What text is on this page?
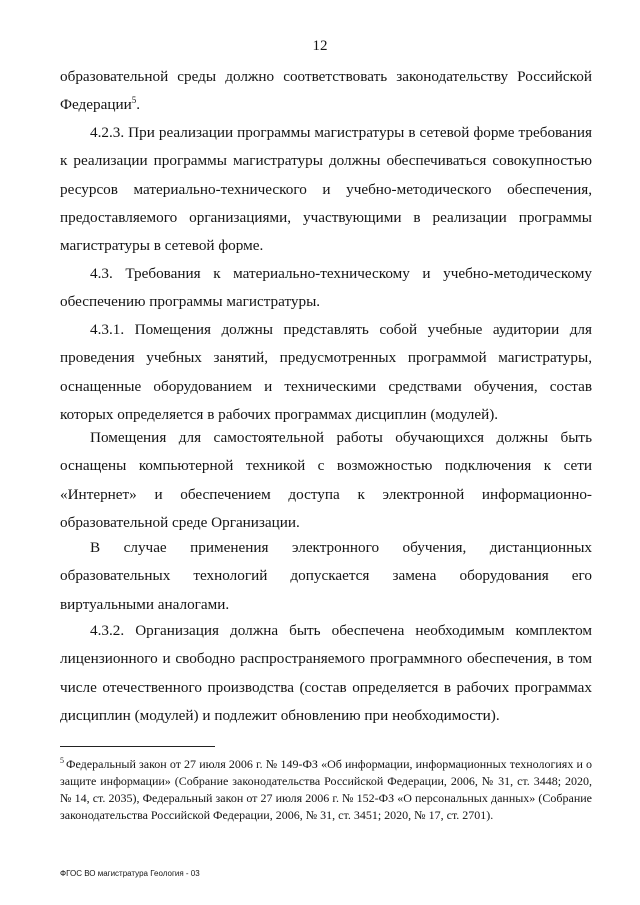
12

образовательной среды должно соответствовать законодательству Российской Федерации$^5$.

4.2.3. При реализации программы магистратуры в сетевой форме требования к реализации программы магистратуры должны обеспечиваться совокупностью ресурсов материально-технического и учебно-методического обеспечения, предоставляемого организациями, участвующими в реализации программы магистратуры в сетевой форме.

4.3. Требования к материально-техническому и учебно-методическому обеспечению программы магистратуры.

4.3.1. Помещения должны представлять собой учебные аудитории для проведения учебных занятий, предусмотренных программой магистратуры, оснащенные оборудованием и техническими средствами обучения, состав которых определяется в рабочих программах дисциплин (модулей).

Помещения для самостоятельной работы обучающихся должны быть оснащены компьютерной техникой с возможностью подключения к сети «Интернет» и обеспечением доступа к электронной информационно-образовательной среде Организации.

В случае применения электронного обучения, дистанционных образовательных технологий допускается замена оборудования его виртуальными аналогами.

4.3.2. Организация должна быть обеспечена необходимым комплектом лицензионного и свободно распространяемого программного обеспечения, в том числе отечественного производства (состав определяется в рабочих программах дисциплин (модулей) и подлежит обновлению при необходимости).

$^5$ Федеральный закон от 27 июля 2006 г. № 149-ФЗ «Об информации, информационных технологиях и о защите информации» (Собрание законодательства Российской Федерации, 2006, № 31, ст. 3448; 2020, № 14, ст. 2035), Федеральный закон от 27 июля 2006 г. № 152-ФЗ «О персональных данных» (Собрание законодательства Российской Федерации, 2006, № 31, ст. 3451; 2020, № 17, ст. 2701).
ФГОС ВО магистратура Геология - 03
